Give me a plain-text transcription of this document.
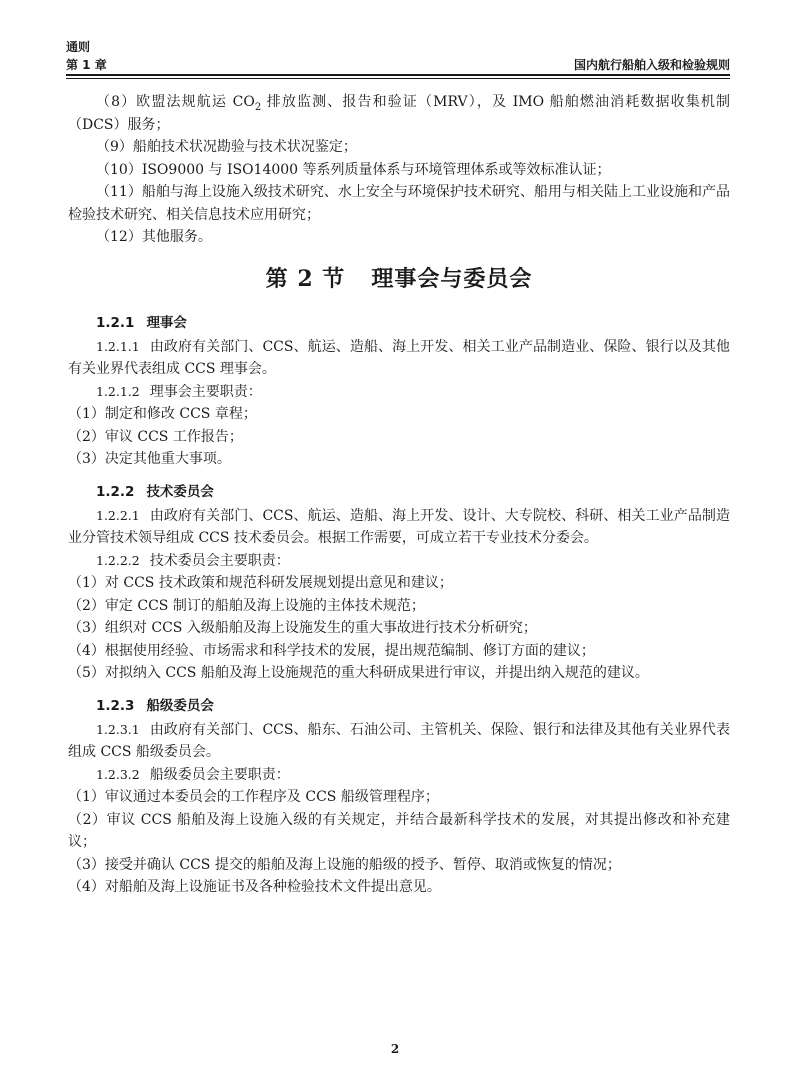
通则
第 1 章	国内航行船舶入级和检验规则

（8）欧盟法规航运 $CO_2$ 排放监测、报告和验证（MRV），及 IMO 船舶燃油消耗数据收集机制（DCS）服务；

（9）船舶技术状况勘验与技术状况鉴定；

（10）ISO9000 与 ISO14000 等系列质量体系与环境管理体系或等效标准认证；

（11）船舶与海上设施入级技术研究、水上安全与环境保护技术研究、船用与相关陆上工业设施和产品检验技术研究、相关信息技术应用研究；

（12）其他服务。

第 2 节 理事会与委员会
1.2.1 理事会

1.2.1.1 由政府有关部门、CCS、航运、造船、海上开发、相关工业产品制造业、保险、银行以及其他有关业界代表组成 CCS 理事会。

1.2.1.2 理事会主要职责：

（1）制定和修改 CCS 章程；

（2）审议 CCS 工作报告；

（3）决定其他重大事项。

1.2.2 技术委员会

1.2.2.1 由政府有关部门、CCS、航运、造船、海上开发、设计、大专院校、科研、相关工业产品制造业分管技术领导组成 CCS 技术委员会。根据工作需要，可成立若干专业技术分委会。

1.2.2.2 技术委员会主要职责：

（1）对 CCS 技术政策和规范科研发展规划提出意见和建议；

（2）审定 CCS 制订的船舶及海上设施的主体技术规范；

（3）组织对 CCS 入级船舶及海上设施发生的重大事故进行技术分析研究；

（4）根据使用经验、市场需求和科学技术的发展，提出规范编制、修订方面的建议；

（5）对拟纳入 CCS 船舶及海上设施规范的重大科研成果进行审议，并提出纳入规范的建议。

1.2.3 船级委员会

1.2.3.1 由政府有关部门、CCS、船东、石油公司、主管机关、保险、银行和法律及其他有关业界代表组成 CCS 船级委员会。

1.2.3.2 船级委员会主要职责：

（1）审议通过本委员会的工作程序及 CCS 船级管理程序；

（2）审议 CCS 船舶及海上设施入级的有关规定，并结合最新科学技术的发展，对其提出修改和补充建议；

（3）接受并确认 CCS 提交的船舶及海上设施的船级的授予、暂停、取消或恢复的情况；

（4）对船舶及海上设施证书及各种检验技术文件提出意见。

2
